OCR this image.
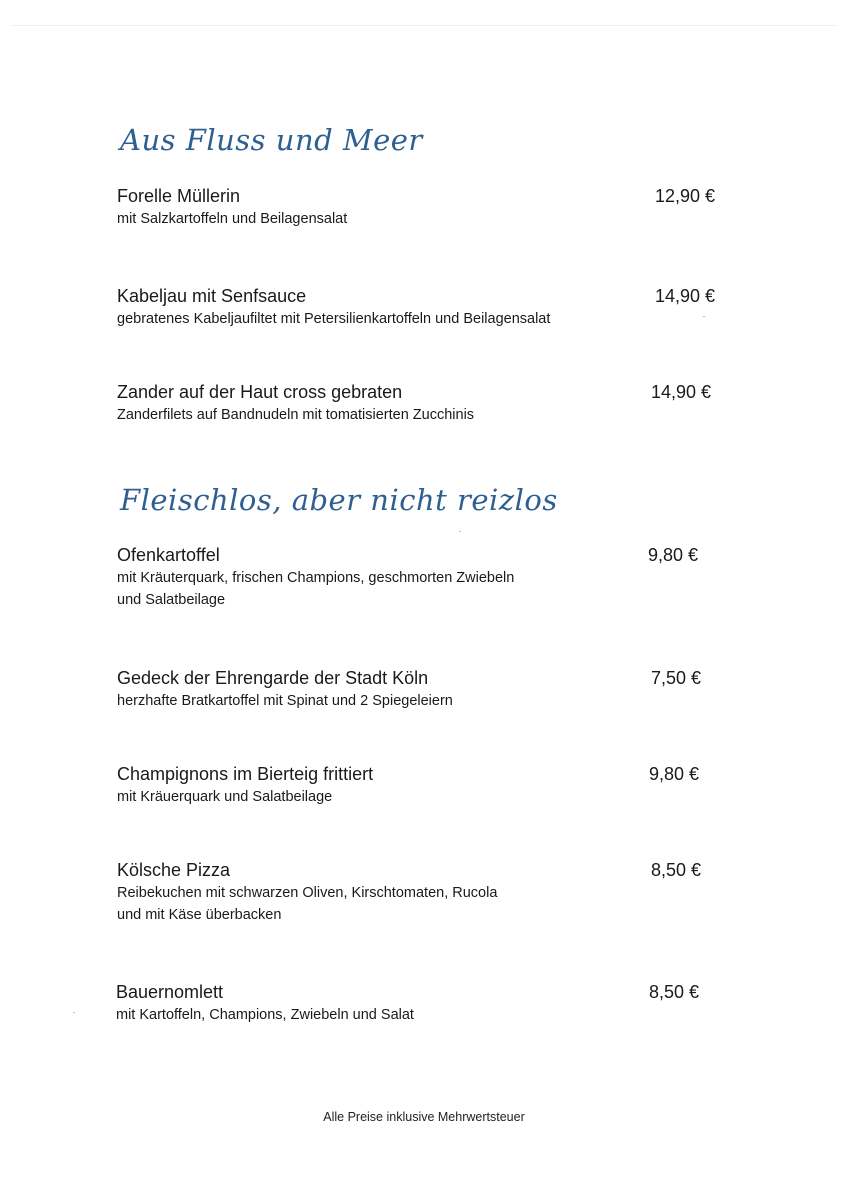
Aus Fluss und Meer
Forelle Müllerin
mit Salzkartoffeln und Beilagensalat
12,90 €
Kabeljau mit Senfsauce
gebratenes Kabeljaufiltet mit Petersilienkartoffeln und Beilagensalat
14,90 €
Zander auf der Haut cross gebraten
Zanderfilets auf Bandnudeln mit tomatisierten Zucchinis
14,90 €
Fleischlos, aber nicht reizlos
Ofenkartoffel
mit Kräuterquark, frischen Champions, geschmorten Zwiebeln
und Salatbeilage
9,80 €
Gedeck der Ehrengarde der Stadt Köln
herzhafte Bratkartoffel mit Spinat und 2 Spiegeleiern
7,50 €
Champignons im Bierteig frittiert
mit Kräuerquark und Salatbeilage
9,80 €
Kölsche Pizza
Reibekuchen mit schwarzen Oliven, Kirschtomaten, Rucola
und mit Käse überbacken
8,50 €
Bauernomlett
mit Kartoffeln, Champions, Zwiebeln und Salat
8,50 €
Alle Preise inklusive Mehrwertsteuer
